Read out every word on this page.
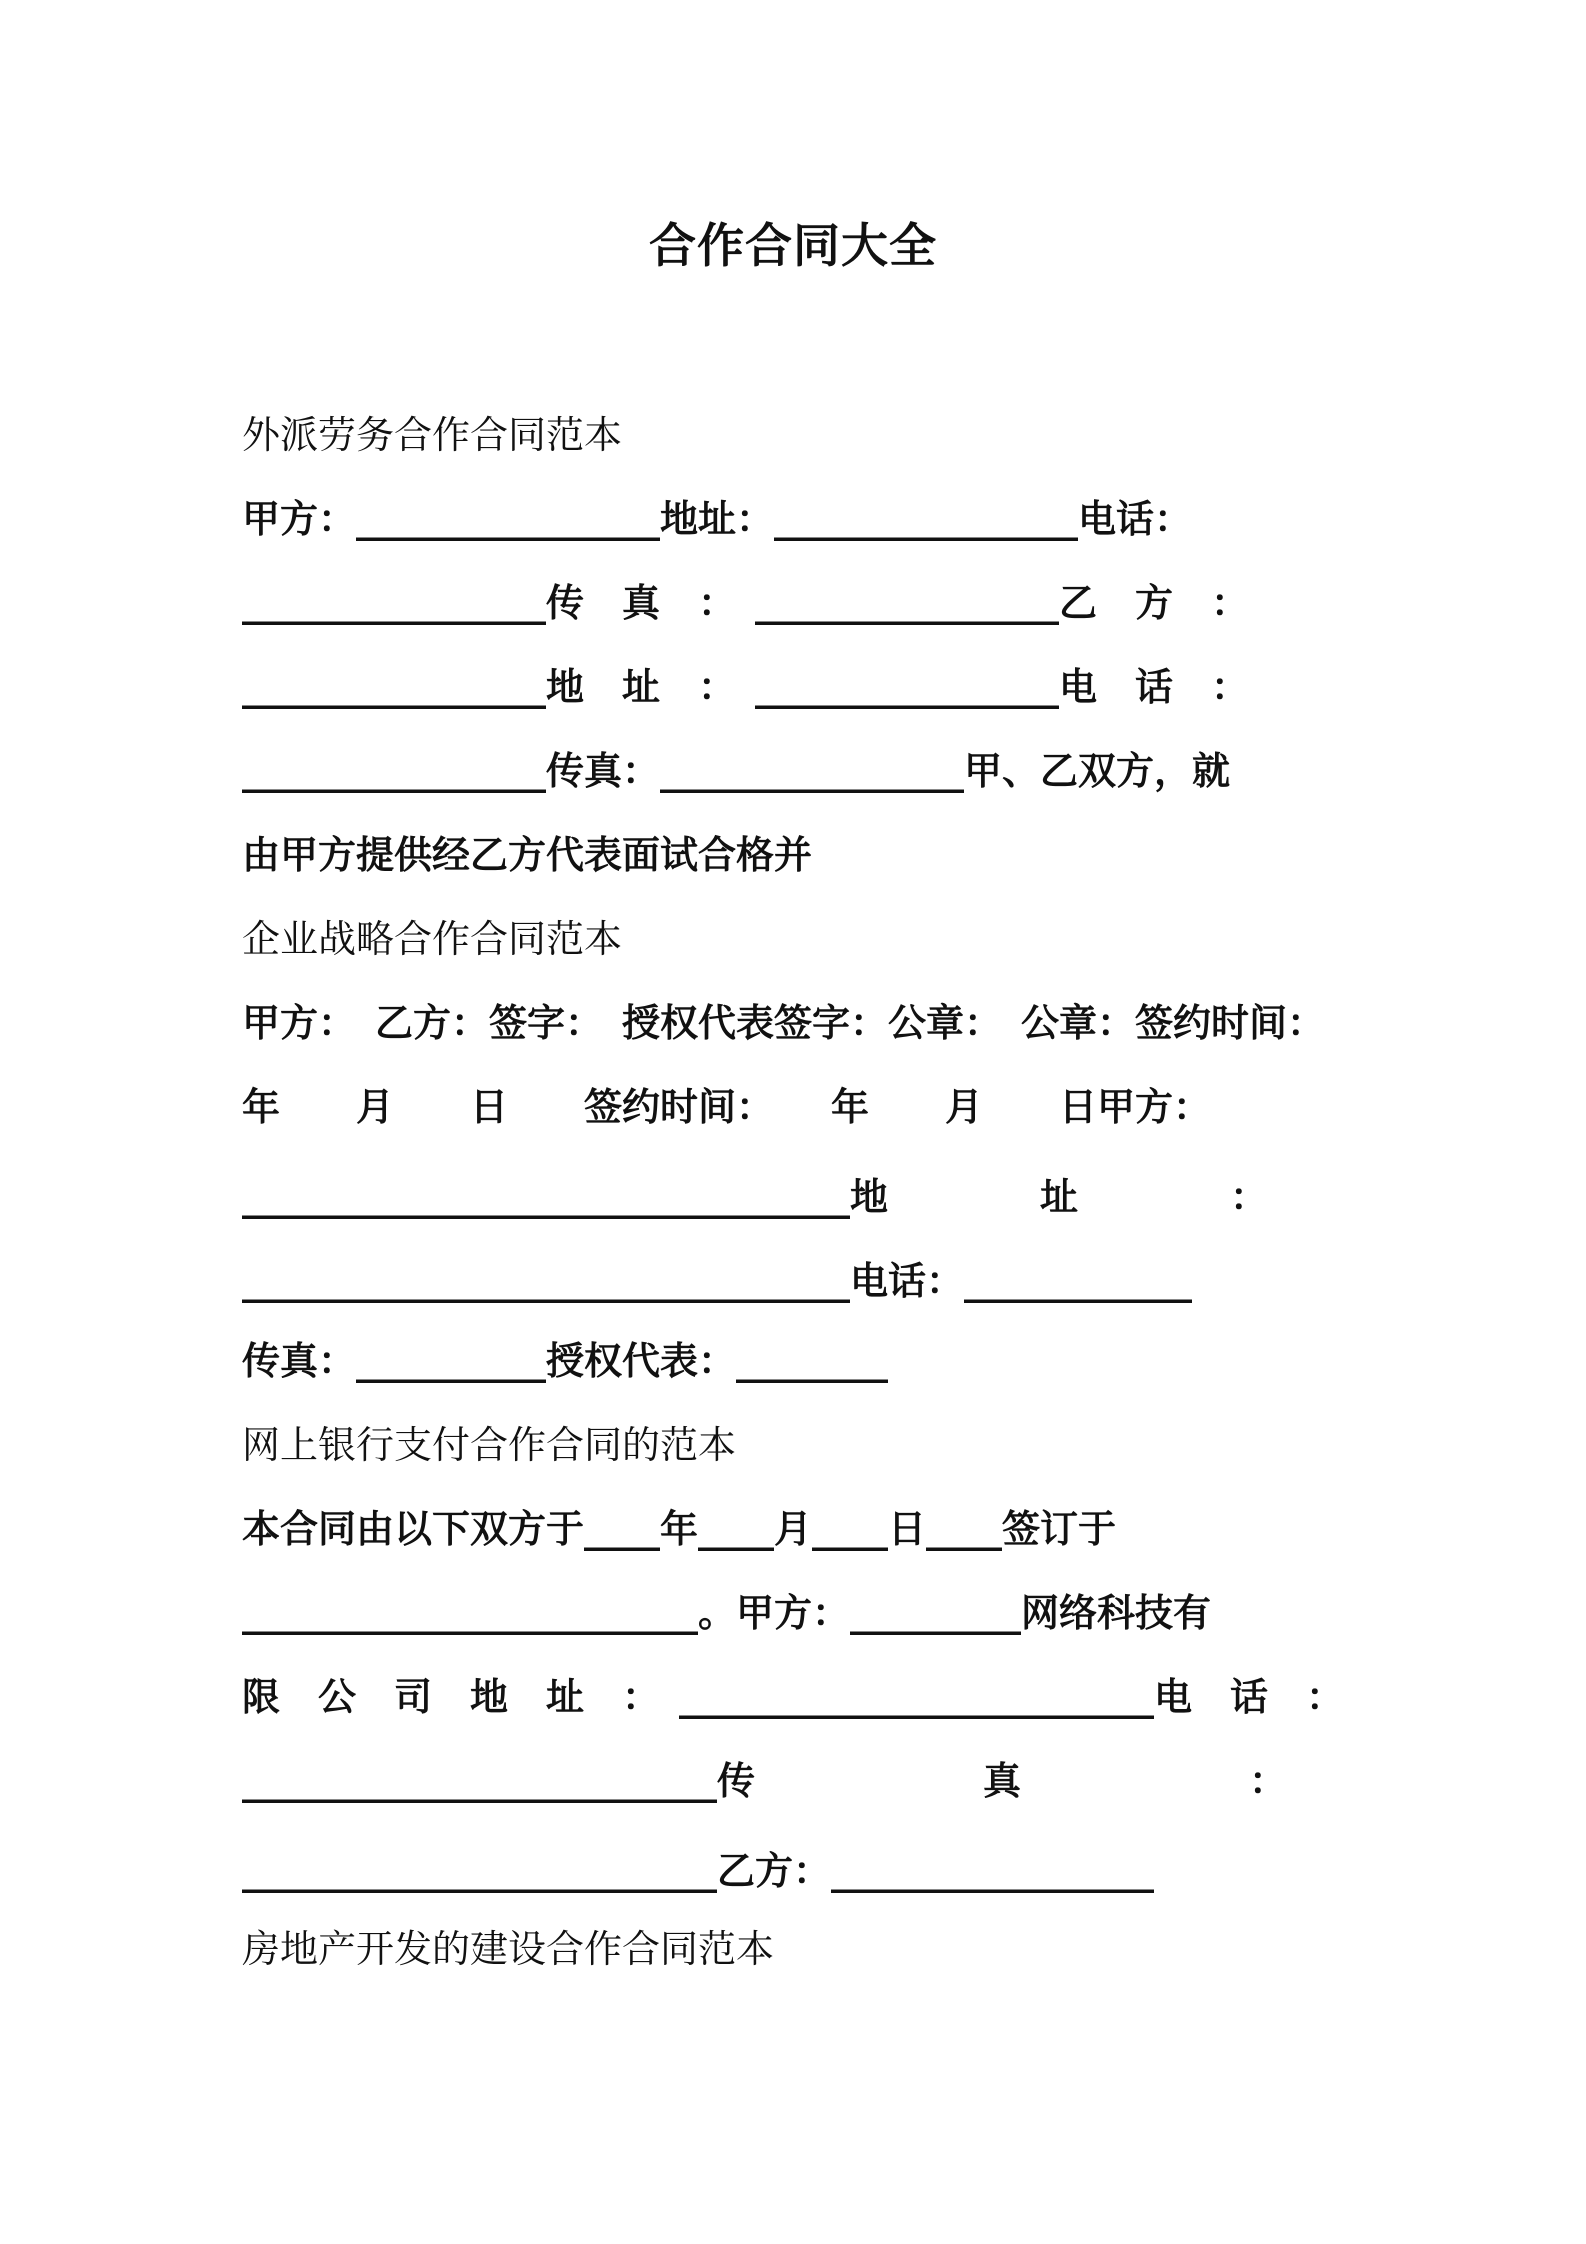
合作合同大全
外派劳务合作合同范本
甲方：________________地址：________________电话：
________________传　真　：　________________乙　方　：
________________地　址　：　________________电　话　：
________________传真：________________甲、乙双方，就
由甲方提供经乙方代表面试合格并
企业战略合作合同范本
甲方：　乙方：签字：　授权代表签字：公章：　公章：签约时间：
年　　月　　日　　签约时间：　　年　　月　　日甲方：
________________________________地　　　　址　　　　：
________________________________电话：____________
传真：__________授权代表：________
网上银行支付合作合同的范本
本合同由以下双方于____年____月____日____签订于
________________________。甲方：_________网络科技有
限　公　司　地　址　：　_________________________电　话　：
_________________________传　　　　　　真　　　　　　：
_________________________乙方：_________________
房地产开发的建设合作合同范本
